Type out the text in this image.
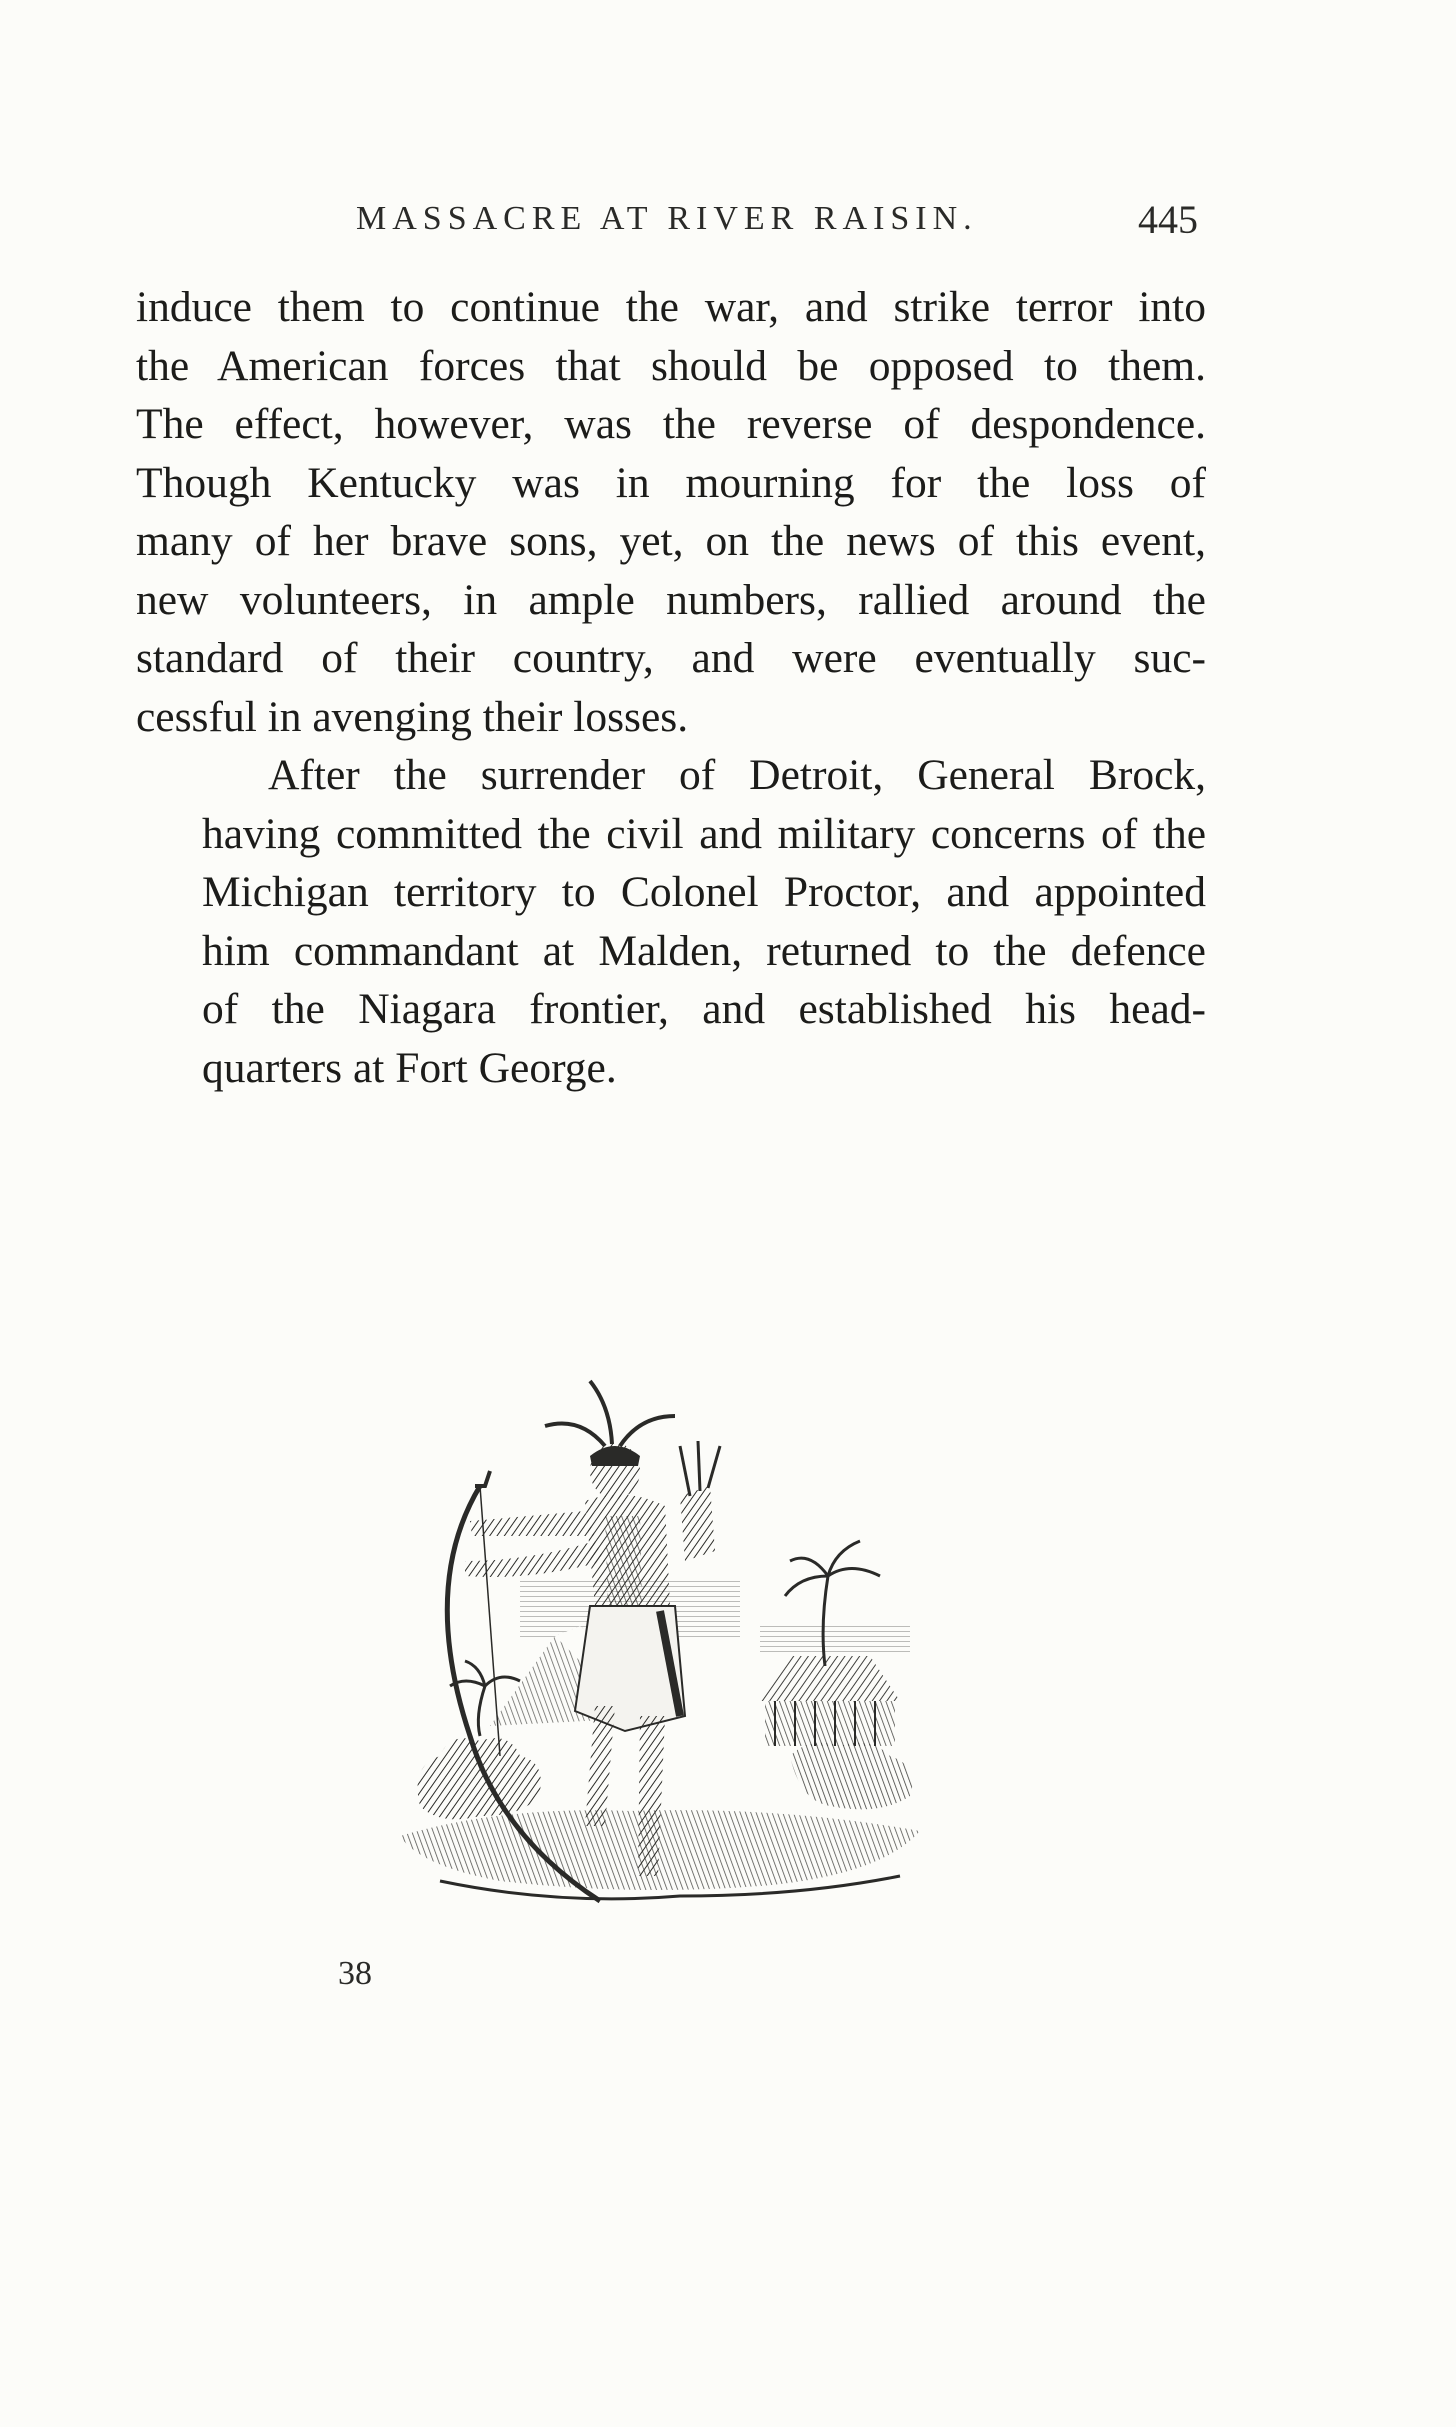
MASSACRE AT RIVER RAISIN.	445

induce them to continue the war, and strike terror into
the American forces that should be opposed to them.
The effect, however, was the reverse of despondence.
Though Kentucky was in mourning for the loss of
many of her brave sons, yet, on the news of this event,
new volunteers, in ample numbers, rallied around the
standard of their country, and were eventually suc-
cessful in avenging their losses.

After the surrender of Detroit, General Brock,
having committed the civil and military concerns of the
Michigan territory to Colonel Proctor, and appointed
him commandant at Malden, returned to the defence
of the Niagara frontier, and established his head-
quarters at Fort George.

38
